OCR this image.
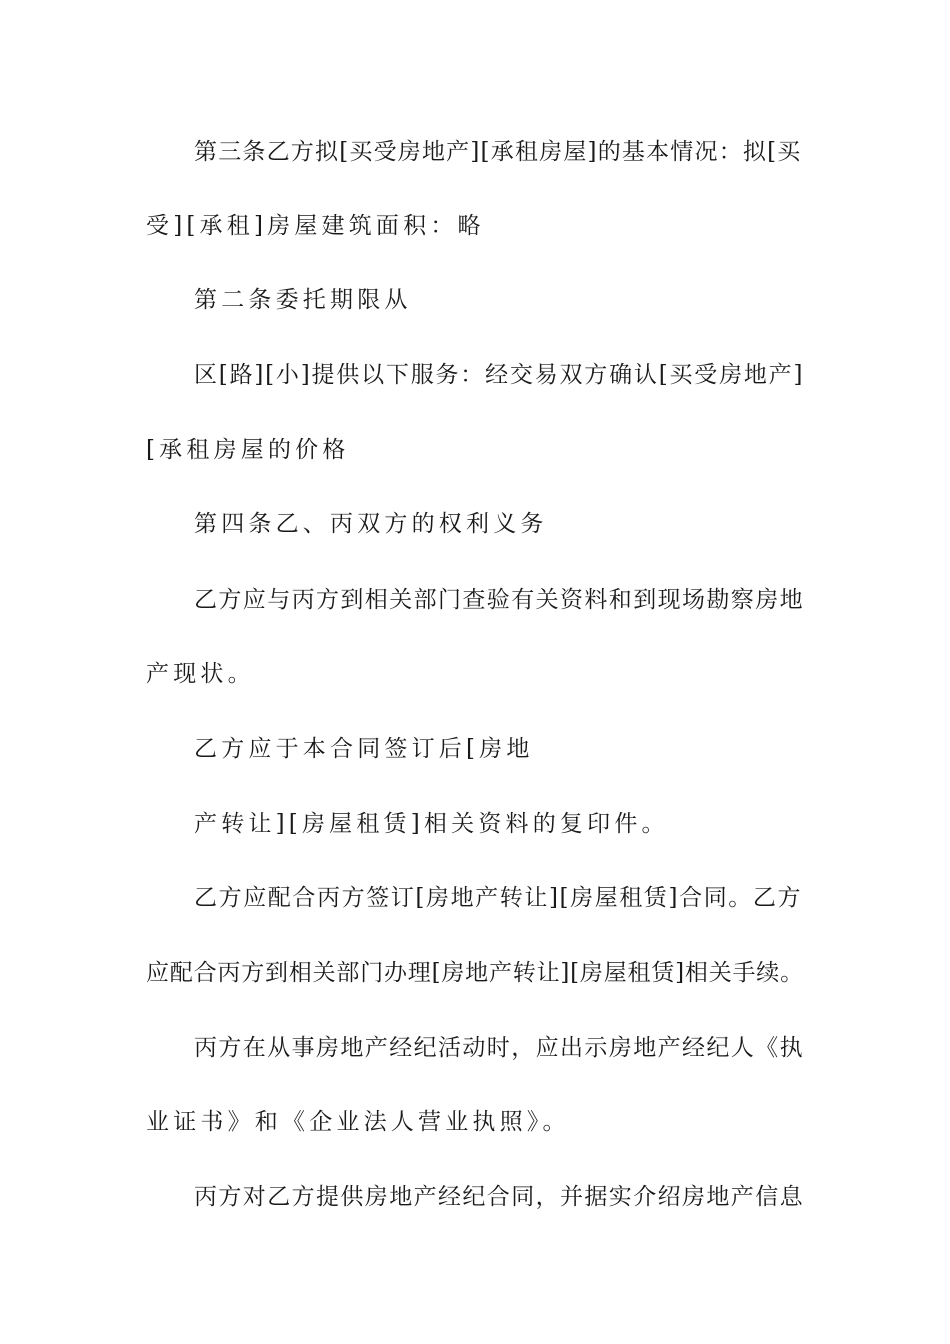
第三条乙方拟[买受房地产][承租房屋]的基本情况：拟[买
受][承租]房屋建筑面积：略
第二条委托期限从
区[路][小]提供以下服务：经交易双方确认[买受房地产]
[承租房屋的价格
第四条乙、丙双方的权利义务
乙方应与丙方到相关部门查验有关资料和到现场勘察房地
产现状。
乙方应于本合同签订后[房地
产转让][房屋租赁]相关资料的复印件。
乙方应配合丙方签订[房地产转让][房屋租赁]合同。乙方
应配合丙方到相关部门办理[房地产转让][房屋租赁]相关手续。
丙方在从事房地产经纪活动时，应出示房地产经纪人《执
业证书》和《企业法人营业执照》。
丙方对乙方提供房地产经纪合同，并据实介绍房地产信息
